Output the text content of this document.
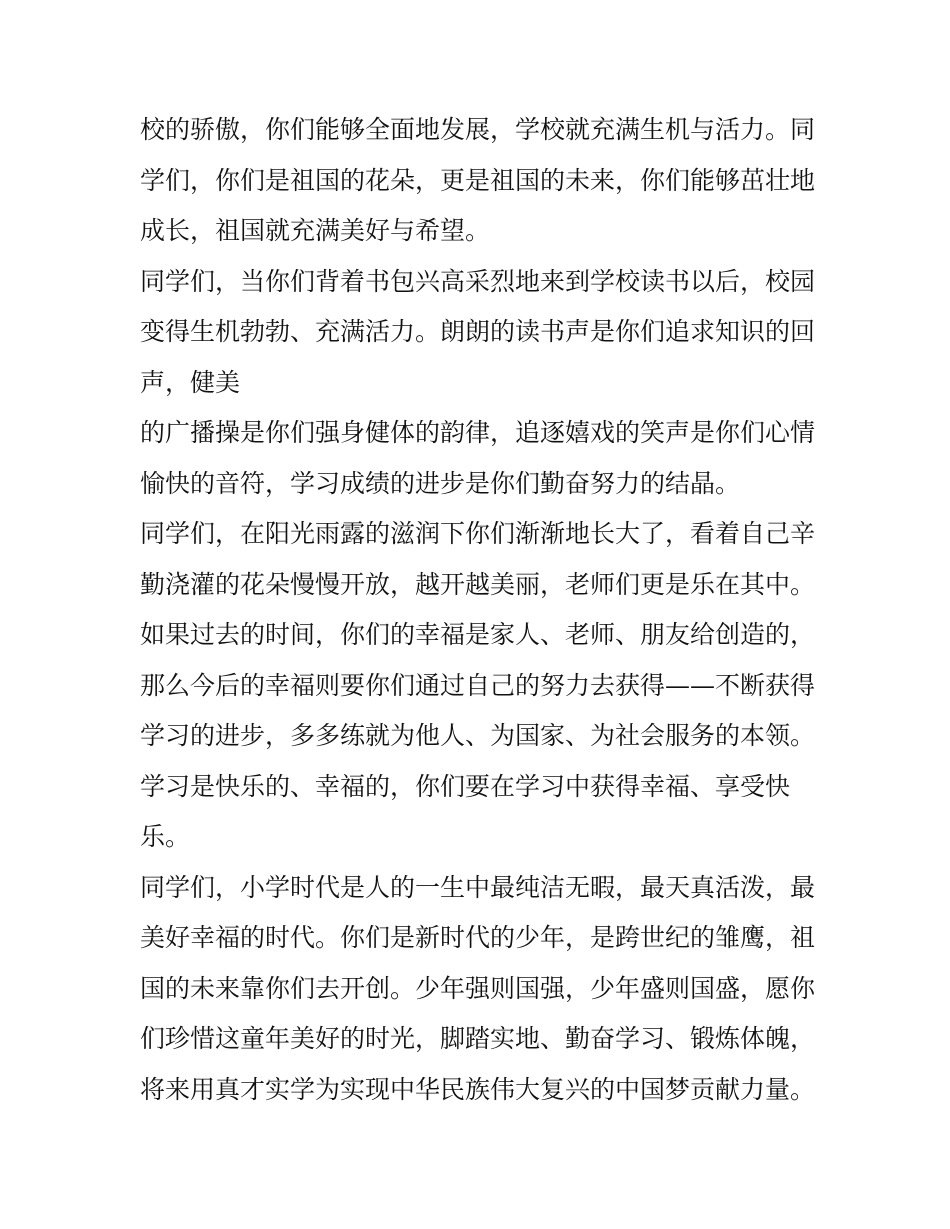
校的骄傲，你们能够全面地发展，学校就充满生机与活力。同
学们，你们是祖国的花朵，更是祖国的未来，你们能够茁壮地
成长，祖国就充满美好与希望。
同学们，当你们背着书包兴高采烈地来到学校读书以后，校园
变得生机勃勃、充满活力。朗朗的读书声是你们追求知识的回
声，健美
的广播操是你们强身健体的韵律，追逐嬉戏的笑声是你们心情
愉快的音符，学习成绩的进步是你们勤奋努力的结晶。
同学们，在阳光雨露的滋润下你们渐渐地长大了，看着自己辛
勤浇灌的花朵慢慢开放，越开越美丽，老师们更是乐在其中。
如果过去的时间，你们的幸福是家人、老师、朋友给创造的，
那么今后的幸福则要你们通过自己的努力去获得——不断获得
学习的进步，多多练就为他人、为国家、为社会服务的本领。
学习是快乐的、幸福的，你们要在学习中获得幸福、享受快
乐。
同学们，小学时代是人的一生中最纯洁无暇，最天真活泼，最
美好幸福的时代。你们是新时代的少年，是跨世纪的雏鹰，祖
国的未来靠你们去开创。少年强则国强，少年盛则国盛，愿你
们珍惜这童年美好的时光，脚踏实地、勤奋学习、锻炼体魄，
将来用真才实学为实现中华民族伟大复兴的中国梦贡献力量。
